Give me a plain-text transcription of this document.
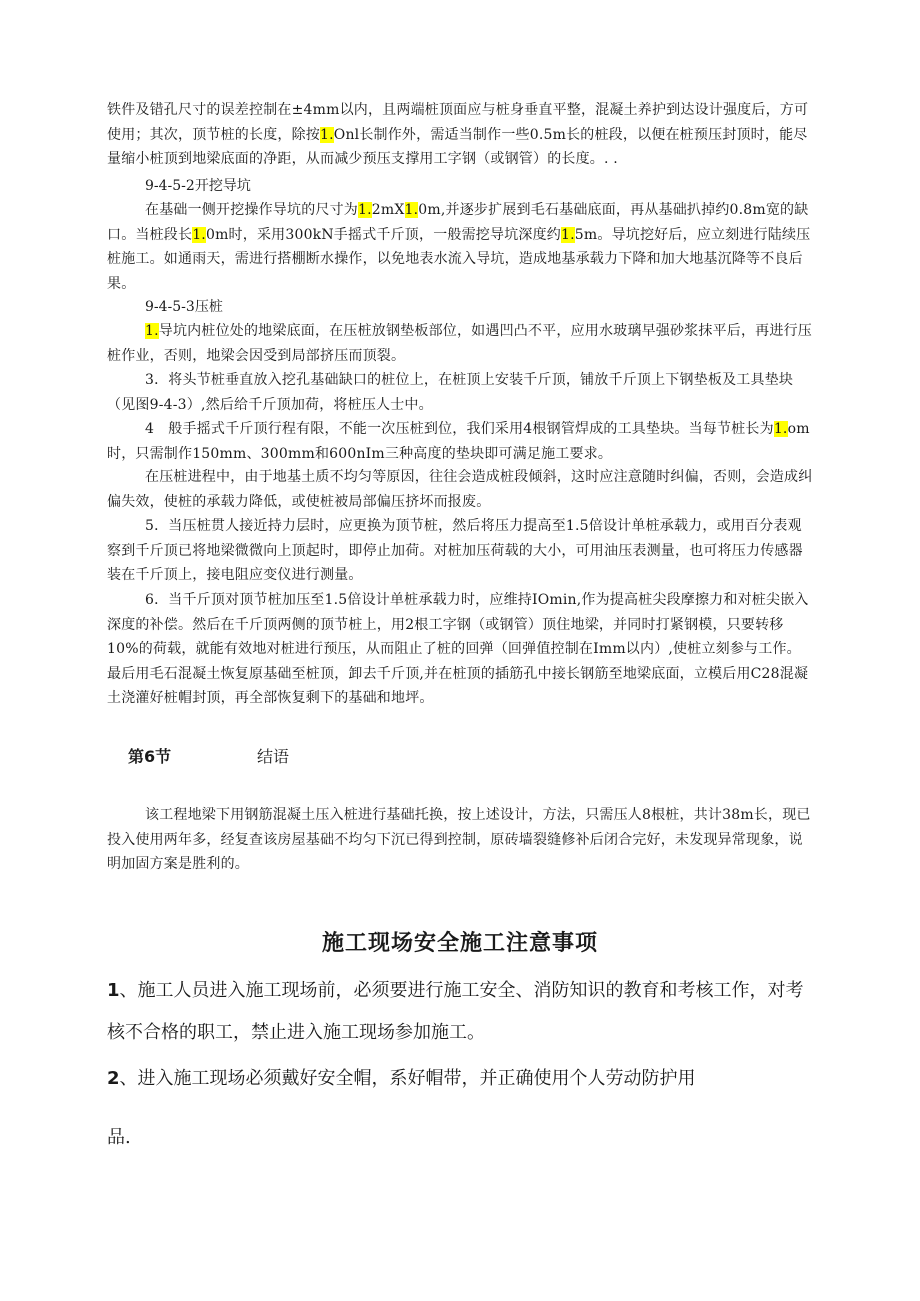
铁件及错孔尺寸的误差控制在±4mm以内，且两端桩顶面应与桩身垂直平整，混凝土养护到达设计强度后，方可使用；其次，顶节桩的长度，除按1.Onl长制作外，需适当制作一些0.5m长的桩段，以便在桩预压封顶时，能尽量缩小桩顶到地梁底面的净距，从而减少预压支撑用工字钢（或钢管）的长度。. .

9-4-5-2开挖导坑

在基础一侧开挖操作导坑的尺寸为1.2mX1.0m,并逐步扩展到毛石基础底面，再从基础扒掉约0.8m宽的缺口。当桩段长1.0m时，采用300kN手摇式千斤顶，一般需挖导坑深度约1.5m。导坑挖好后，应立刻进行陆续压桩施工。如通雨天，需进行搭棚断水操作，以免地表水流入导坑，造成地基承载力下降和加大地基沉降等不良后果。

9-4-5-3压桩

1.导坑内桩位处的地梁底面，在压桩放钢垫板部位，如遇凹凸不平，应用水玻璃早强砂浆抹平后，再进行压桩作业，否则，地梁会因受到局部挤压而顶裂。

3．将头节桩垂直放入挖孔基础缺口的桩位上，在桩顶上安装千斤顶，铺放千斤顶上下钢垫板及工具垫块（见图9-4-3）,然后给千斤顶加荷，将桩压人士中。

4　般手摇式千斤顶行程有限，不能一次压桩到位，我们采用4根钢管焊成的工具垫块。当每节桩长为1.om时，只需制作150mm、300mm和600nIm三种高度的垫块即可满足施工要求。

在压桩进程中，由于地基土质不均匀等原因，往往会造成桩段倾斜，这时应注意随时纠偏，否则，会造成纠偏失效，使桩的承载力降低，或使桩被局部偏压挤坏而报废。

5．当压桩贯人接近持力层时，应更换为顶节桩，然后将压力提高至1.5倍设计单桩承载力，或用百分表观察到千斤顶已将地梁微微向上顶起时，即停止加荷。对桩加压荷载的大小，可用油压表测量，也可将压力传感器装在千斤顶上，接电阻应变仪进行测量。

6．当千斤顶对顶节桩加压至1.5倍设计单桩承载力时，应维持IOmin,作为提高桩尖段摩擦力和对桩尖嵌入深度的补偿。然后在千斤顶两侧的顶节桩上，用2根工字钢（或钢管）顶住地梁，并同时打紧钢模，只要转移10%的荷载，就能有效地对桩进行预压，从而阻止了桩的回弹（回弹值控制在Imm以内）,使桩立刻参与工作。最后用毛石混凝土恢复原基础至桩顶，卸去千斤顶,并在桩顶的插筋孔中接长钢筋至地梁底面，立模后用C28混凝土浇灌好桩帽封顶，再全部恢复剩下的基础和地坪。

第6节	结语

该工程地梁下用钢筋混凝土压入桩进行基础托换，按上述设计，方法，只需压人8根桩，共计38m长，现已投入使用两年多，经复查该房屋基础不均匀下沉已得到控制，原砖墙裂缝修补后闭合完好，未发现异常现象，说明加固方案是胜利的。

施工现场安全施工注意事项

1、施工人员进入施工现场前，必须要进行施工安全、消防知识的教育和考核工作，对考核不合格的职工，禁止进入施工现场参加施工。

2、进入施工现场必须戴好安全帽，系好帽带，并正确使用个人劳动防护用

品.
